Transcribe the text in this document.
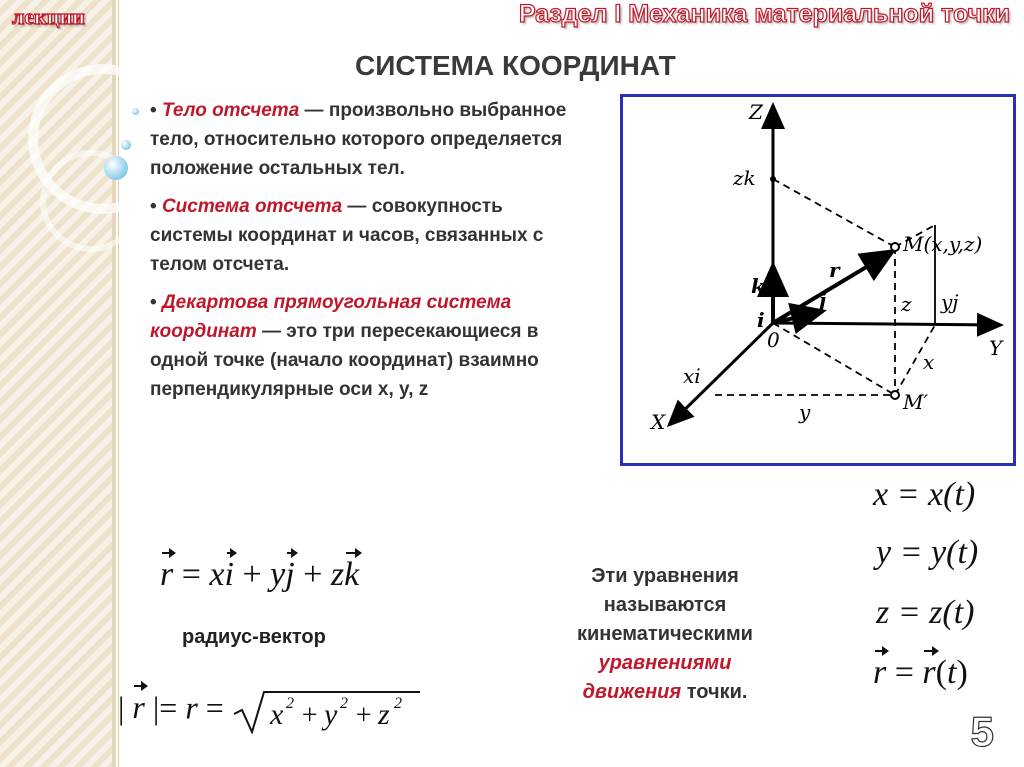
лекции	Раздел I Механика материальной точки
СИСТЕМА КООРДИНАТ

• Тело отсчета — произвольно выбранное тело, относительно которого определяется положение остальных тел.

• Система отсчета — совокупность системы координат и часов, связанных с телом отсчета.

• Декартова прямоугольная система координат — это три пересекающиеся в одной точке (начало координат) взаимно перпендикулярные оси x, y, z

Z
Y
X
zk
k
r
j
i
0
yj
z
xi
x
y
M(x,y,z)
M′
r = xi + yj + zk
радиус-вектор
| r |= r = x 2 + y 2 + z 2
Эти уравнения
называются
кинематическими
уравнениями
движения точки.
x = x(t)
y = y(t)
z = z(t)
r = r(t)
5
